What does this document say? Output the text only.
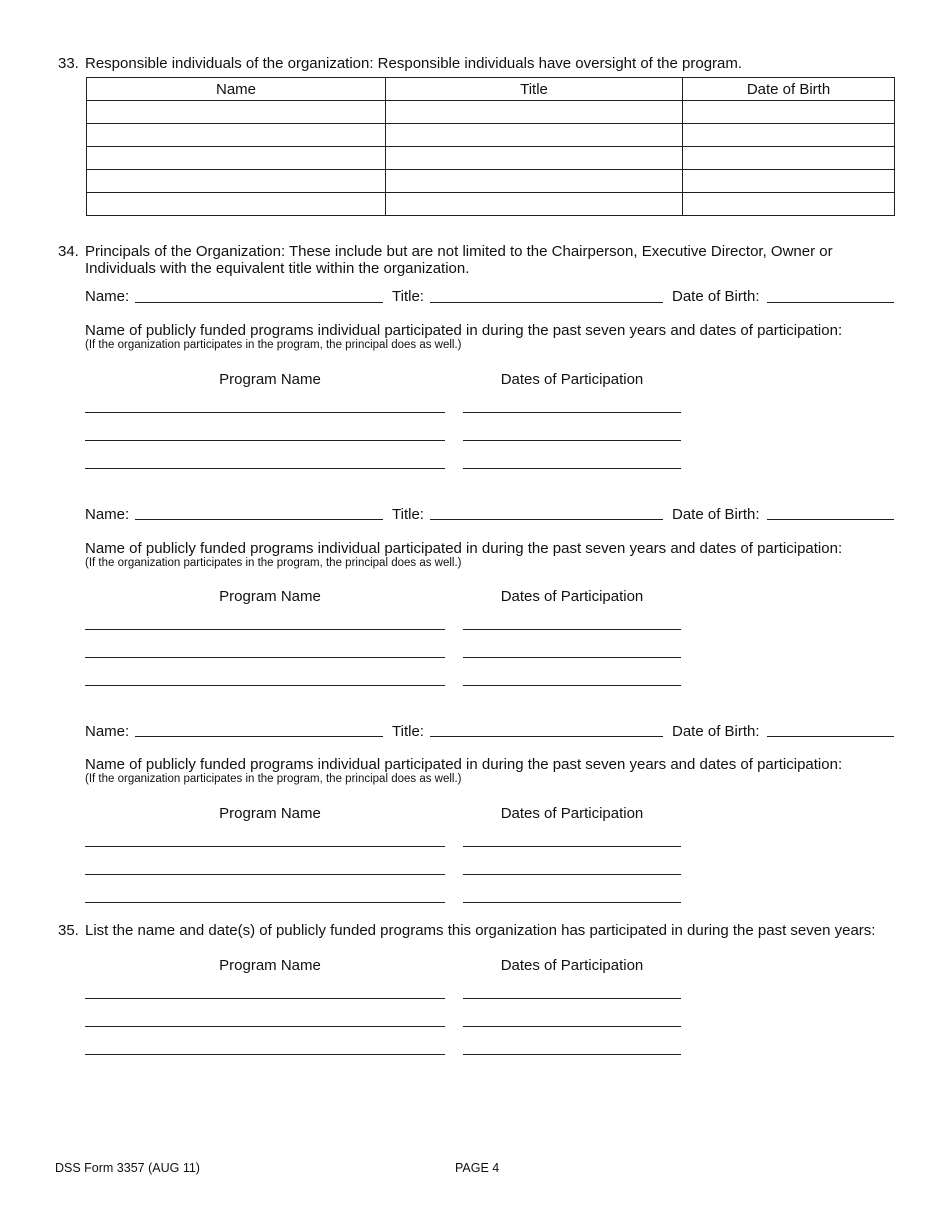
33. Responsible individuals of the organization: Responsible individuals have oversight of the program.
Name	Title	Date of Birth

34. Principals of the Organization: These include but are not limited to the Chairperson, Executive Director, Owner or
Individuals with the equivalent title within the organization.
Name:	Title:	Date of Birth:
Name of publicly funded programs individual participated in during the past seven years and dates of participation:
(If the organization participates in the program, the principal does as well.)
Program Name	Dates of Participation
Name:	Title:	Date of Birth:
Name of publicly funded programs individual participated in during the past seven years and dates of participation:
(If the organization participates in the program, the principal does as well.)
Program Name	Dates of Participation
Name:	Title:	Date of Birth:
Name of publicly funded programs individual participated in during the past seven years and dates of participation:
(If the organization participates in the program, the principal does as well.)
Program Name	Dates of Participation
35. List the name and date(s) of publicly funded programs this organization has participated in during the past seven years:
Program Name	Dates of Participation
DSS Form 3357 (AUG 11)	PAGE 4
